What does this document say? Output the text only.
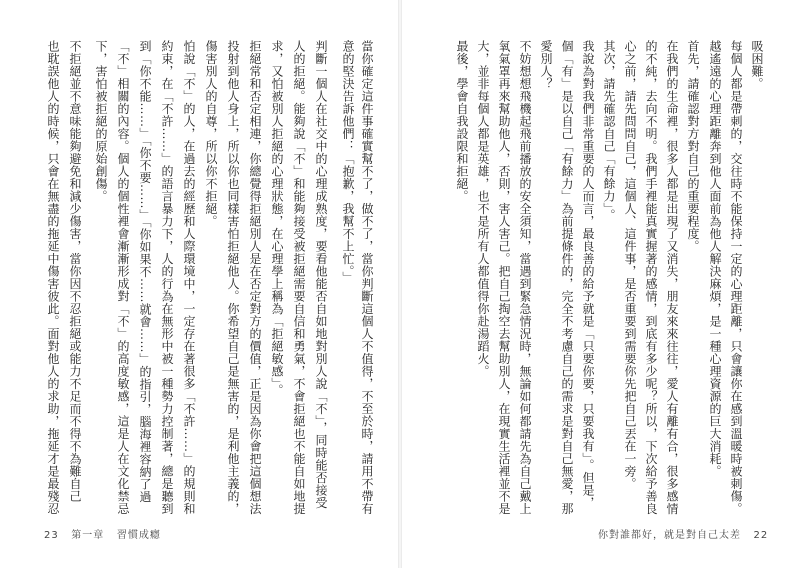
當你確定這件事確實幫不了，做不了，當你判斷這個人不值得，不至於時，請用不帶有
意的堅決告訴他們：「抱歉，我幫不上忙。」
判斷一個人在社交中的心理成熟度，要看他能否自如地對別人說「不」，同時能否接受
人的拒絕。能夠說「不」和能夠接受被拒絕需要自信和勇氣，不會拒絕也不能自如地提
求，又怕被別人拒絕的心理狀態，在心理學上稱為「拒絕敏感」。
拒絕常和否定相連，你總覺得拒絕別人是在否定對方的價值，正是因為你會把這個想法
投射到他人身上，所以你也同樣害怕拒絕他人。你希望自己是無害的，是利他主義的，
傷害別人的自尊，所以你不拒絕。
怕說「不」的人，在過去的經歷和人際環境中，一定存在著很多「不許……」的規則和
約束，在「不許……」的語言暴力下，人的行為在無形中被一種勢力控制著，總是聽到
到「你不能……」「你不要……」「你如果不……就會……」的指引，腦海裡容納了過
「不」相關的內容。個人的個性裡會漸漸形成對「不」的高度敏感，這是人在文化禁忌
下，害怕被拒絕的原始創傷。
不拒絕並不意味能夠避免和減少傷害，當你因不忍拒絕或能力不足而不得不為難自己
也耽誤他人的時候，只會在無盡的拖延中傷害彼此。面對他人的求助，拖延才是最殘忍
吸困難。
每個人都是帶刺的，交往時不能保持一定的心理距離，只會讓你在感到溫暖時被刺傷。
越遙遠的心理距離奔到他人面前為他人解決麻煩，是一種心理資源的巨大消耗。
首先，請確認對方對自己的重要程度。
在我們的生命裡，很多人都是出現了又消失，朋友來來往往，愛人有離有合，很多感情
的不純，去向不明。我們手裡能真實握著的感情，到底有多少呢？所以，下次給予善良
心之前，請先問問自己，這個人、這件事，是否重要到需要你先把自己丟在一旁。
其次，請先確認自己「有餘力」。
我說為對我們非常重要的人而言，最良善的給予就是「只要你要，只要我有」。但是，
個「有」是以自己「有餘力」為前提條件的，完全不考慮自己的需求是對自己無愛，那
愛別人？
不妨想想飛機起飛前播放的安全須知，當遇到緊急情況時，無論如何都請先為自己戴上
氧氣罩再來幫助他人，否則，害人害己。把自己掏空去幫助別人，在現實生活裡並不是
大，並非每個人都是英雄，也不是所有人都值得你赴湯蹈火。
最後，學會自我設限和拒絕。
23 第一章 習慣成癮	你對誰都好，就是對自己太差 22
